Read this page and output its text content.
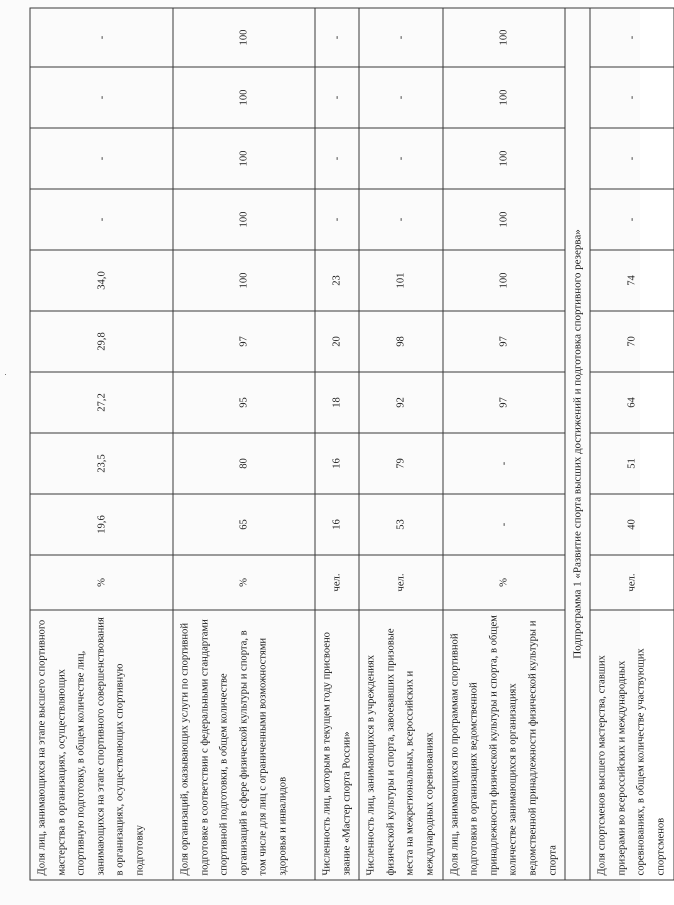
Доля лиц, занимающихся на этапе высшего спортивного мастерства в организациях, осуществляющих спортивную подготовку, в общем количестве лиц, занимающихся на этапе спортивного совершенствования в организациях, осуществляющих спортивную подготовку	%	19,6	23,5	27,2	29,8	34,0	-	-	-	-
Доля организаций, оказывающих услуги по спортивной подготовке в соответствии с федеральными стандартами спортивной подготовки, в общем количестве организаций в сфере физической культуры и спорта, в том числе для лиц с ограниченными возможностями здоровья и инвалидов	%	65	80	95	97	100	100	100	100	100
Численность лиц, которым в текущем году присвоено звание «Мастер спорта России»	чел.	16	16	18	20	23	-	-	-	-
Численность лиц, занимающихся в учреждениях физической культуры и спорта, завоевавших призовые места на межрегиональных, всероссийских и международных соревнованиях	чел.	53	79	92	98	101	-	-	-	-
Доля лиц, занимающихся по программам спортивной подготовки в организациях ведомственной принадлежности физической культуры и спорта, в общем количестве занимающихся в организациях ведомственной принадлежности физической культуры и спорта	%	-	-	97	97	100	100	100	100	100
Подпрограмма 1 «Развитие спорта высших достижений и подготовка спортивного резерва»										
Доля спортсменов высшего мастерства, ставших призерами во всероссийских и международных соревнованиях, в общем количестве участвующих спортсменов	чел.	40	51	64	70	74	-	-	-	-
